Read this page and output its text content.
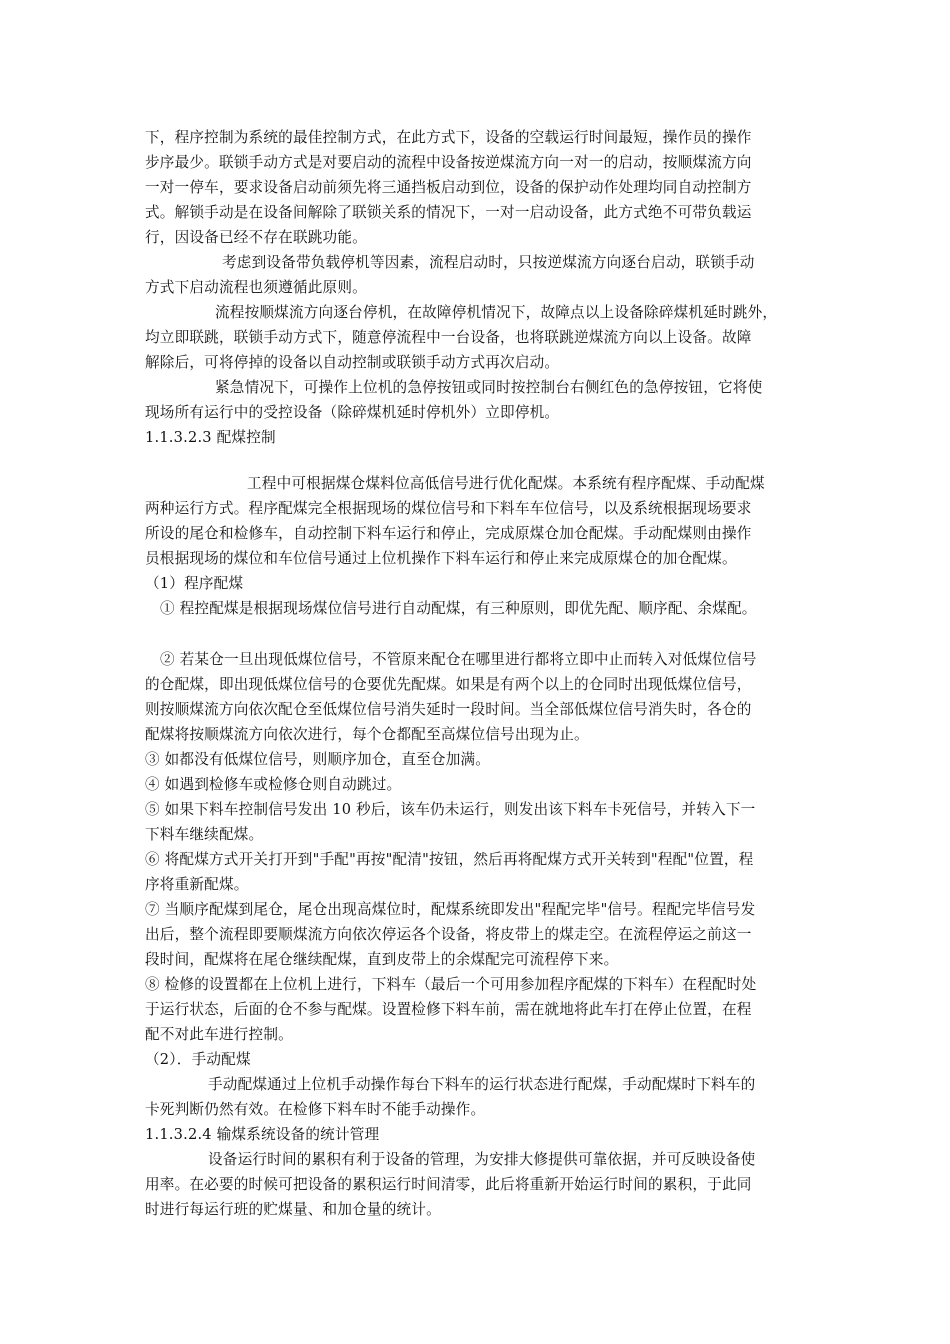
下，程序控制为系统的最佳控制方式，在此方式下，设备的空载运行时间最短，操作员的操作
步序最少。联锁手动方式是对要启动的流程中设备按逆煤流方向一对一的启动，按顺煤流方向
一对一停车，要求设备启动前须先将三通挡板启动到位，设备的保护动作处理均同自动控制方
式。解锁手动是在设备间解除了联锁关系的情况下，一对一启动设备，此方式绝不可带负载运
行，因设备已经不存在联跳功能。
考虑到设备带负载停机等因素，流程启动时，只按逆煤流方向逐台启动，联锁手动
方式下启动流程也须遵循此原则。
流程按顺煤流方向逐台停机，在故障停机情况下，故障点以上设备除碎煤机延时跳外，
均立即联跳，联锁手动方式下，随意停流程中一台设备，也将联跳逆煤流方向以上设备。故障
解除后，可将停掉的设备以自动控制或联锁手动方式再次启动。
紧急情况下，可操作上位机的急停按钮或同时按控制台右侧红色的急停按钮，它将使
现场所有运行中的受控设备（除碎煤机延时停机外）立即停机。
1.1.3.2.3 配煤控制
工程中可根据煤仓煤料位高低信号进行优化配煤。本系统有程序配煤、手动配煤
两种运行方式。程序配煤完全根据现场的煤位信号和下料车车位信号，以及系统根据现场要求
所设的尾仓和检修车，自动控制下料车运行和停止，完成原煤仓加仓配煤。手动配煤则由操作
员根据现场的煤位和车位信号通过上位机操作下料车运行和停止来完成原煤仓的加仓配煤。
（1）程序配煤
① 程控配煤是根据现场煤位信号进行自动配煤，有三种原则，即优先配、顺序配、余煤配。
② 若某仓一旦出现低煤位信号，不管原来配仓在哪里进行都将立即中止而转入对低煤位信号
的仓配煤，即出现低煤位信号的仓要优先配煤。如果是有两个以上的仓同时出现低煤位信号，
则按顺煤流方向依次配仓至低煤位信号消失延时一段时间。当全部低煤位信号消失时，各仓的
配煤将按顺煤流方向依次进行，每个仓都配至高煤位信号出现为止。
③ 如都没有低煤位信号，则顺序加仓，直至仓加满。
④ 如遇到检修车或检修仓则自动跳过。
⑤ 如果下料车控制信号发出 10 秒后，该车仍未运行，则发出该下料车卡死信号，并转入下一
下料车继续配煤。
⑥ 将配煤方式开关打开到"手配"再按"配清"按钮，然后再将配煤方式开关转到"程配"位置，程
序将重新配煤。
⑦ 当顺序配煤到尾仓，尾仓出现高煤位时，配煤系统即发出"程配完毕"信号。程配完毕信号发
出后，整个流程即要顺煤流方向依次停运各个设备，将皮带上的煤走空。在流程停运之前这一
段时间，配煤将在尾仓继续配煤，直到皮带上的余煤配完可流程停下来。
⑧ 检修的设置都在上位机上进行，下料车（最后一个可用参加程序配煤的下料车）在程配时处
于运行状态，后面的仓不参与配煤。设置检修下料车前，需在就地将此车打在停止位置，在程
配不对此车进行控制。
（2）．手动配煤
手动配煤通过上位机手动操作每台下料车的运行状态进行配煤，手动配煤时下料车的
卡死判断仍然有效。在检修下料车时不能手动操作。
1.1.3.2.4 输煤系统设备的统计管理
设备运行时间的累积有利于设备的管理，为安排大修提供可靠依据，并可反映设备使
用率。在必要的时候可把设备的累积运行时间清零，此后将重新开始运行时间的累积，于此同
时进行每运行班的贮煤量、和加仓量的统计。
